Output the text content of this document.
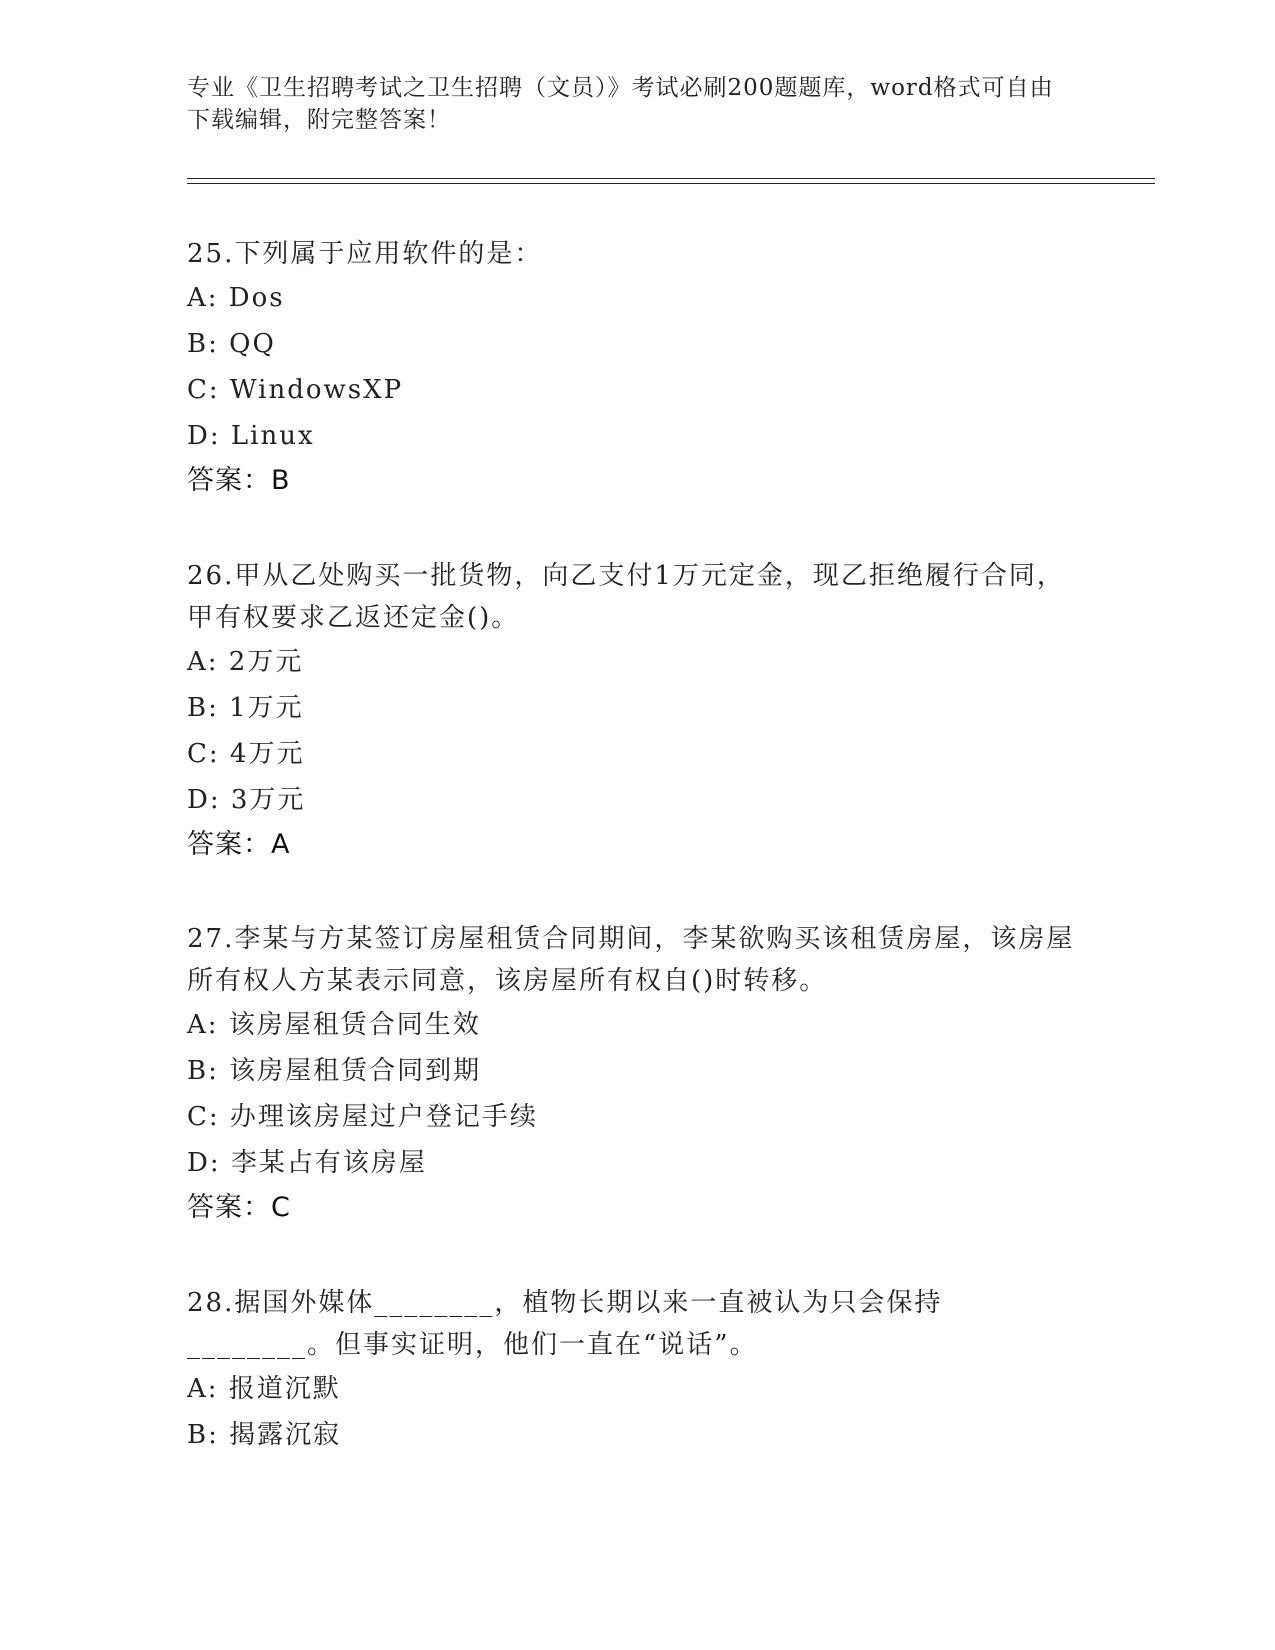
专业《卫生招聘考试之卫生招聘（文员）》考试必刷200题题库，word格式可自由下载编辑，附完整答案！

25.下列属于应用软件的是：

A: Dos

B: QQ

C: WindowsXP

D: Linux

答案：B

26.甲从乙处购买一批货物，向乙支付1万元定金，现乙拒绝履行合同，甲有权要求乙返还定金()。

A: 2万元

B: 1万元

C: 4万元

D: 3万元

答案：A

27.李某与方某签订房屋租赁合同期间，李某欲购买该租赁房屋，该房屋所有权人方某表示同意，该房屋所有权自()时转移。

A: 该房屋租赁合同生效

B: 该房屋租赁合同到期

C: 办理该房屋过户登记手续

D: 李某占有该房屋

答案：C

28.据国外媒体________，植物长期以来一直被认为只会保持________。但事实证明，他们一直在“说话”。

A: 报道沉默

B: 揭露沉寂
